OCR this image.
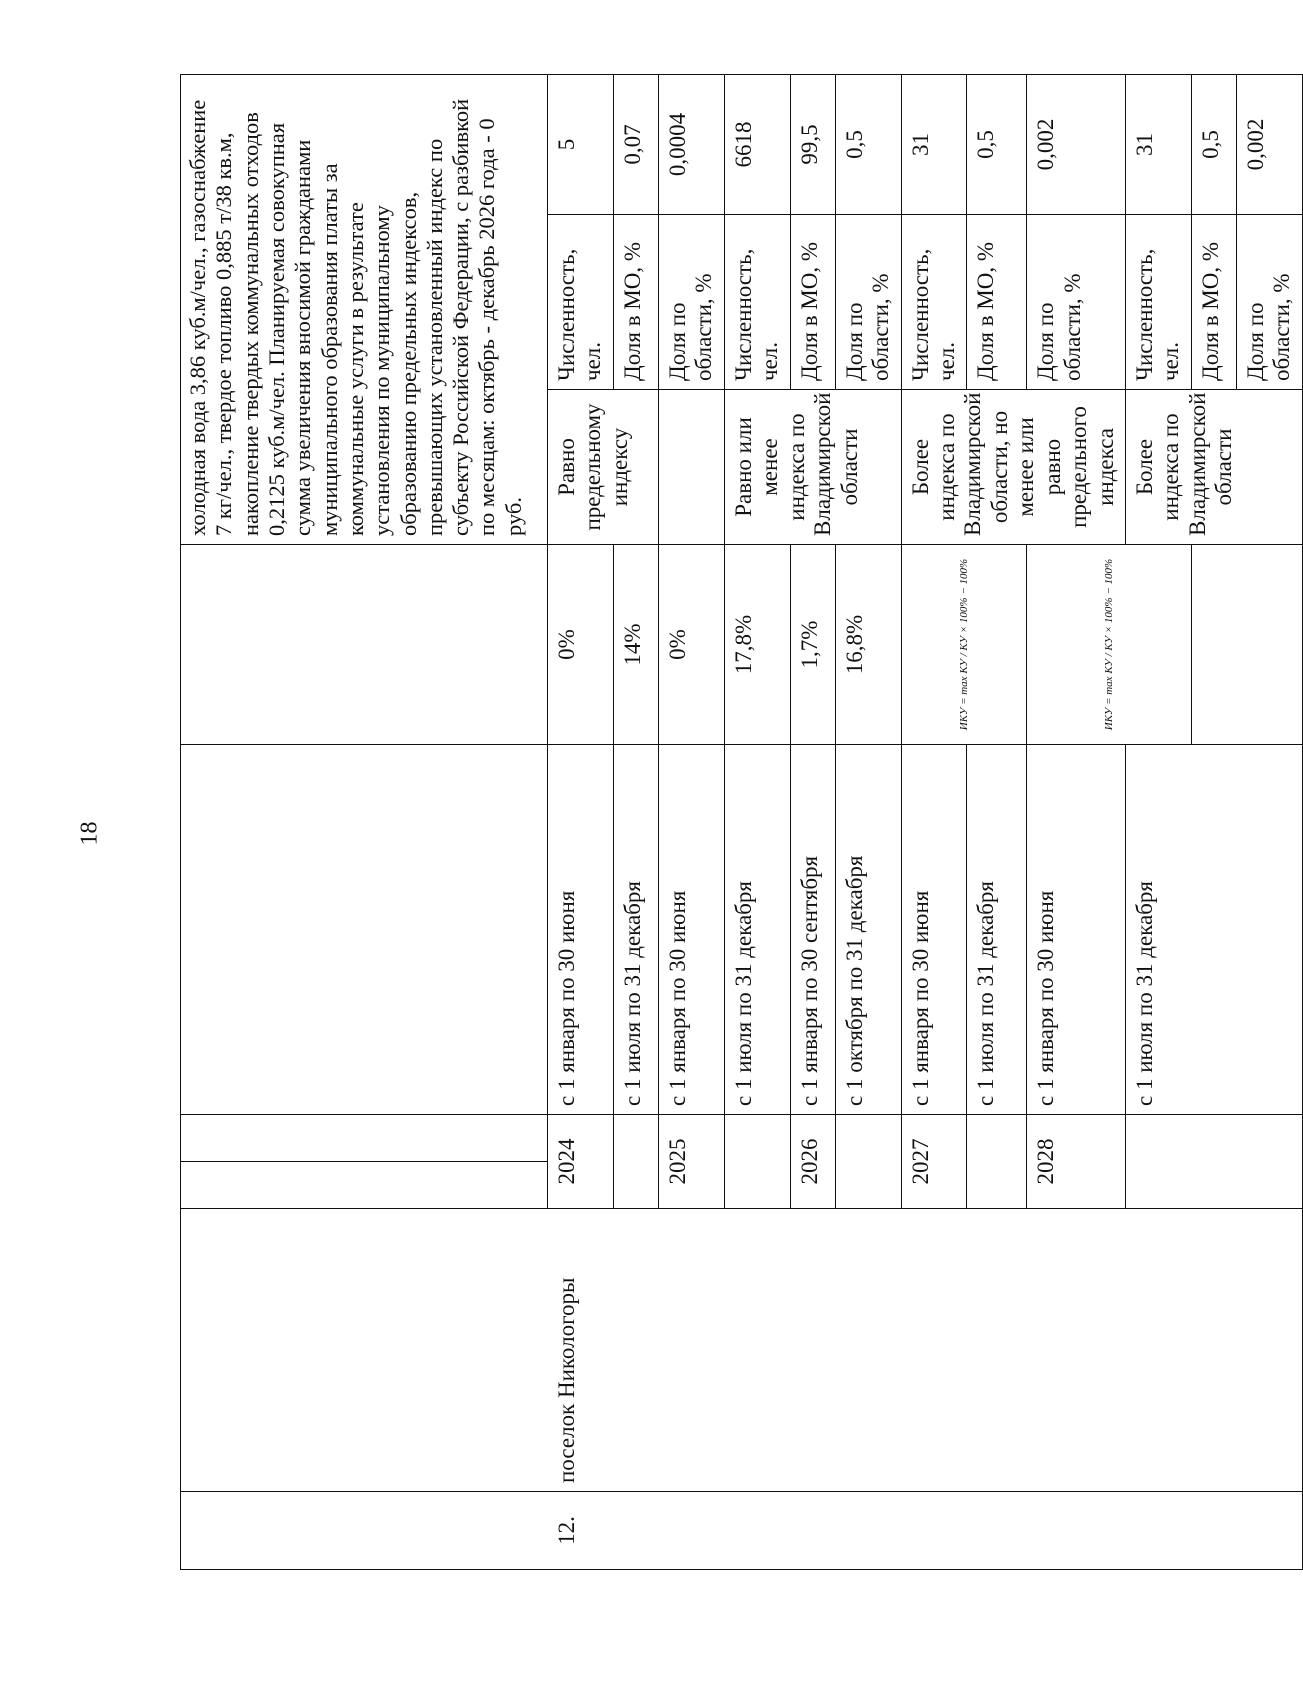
18
						холодная вода 3,86 куб.м/чел., газоснабжение 7 кг/чел., твердое топливо 0,885 т/38 кв.м, накопление твердых коммунальных отходов 0,2125 куб.м/чел. Планируемая совокупная сумма увеличения вносимой гражданами муниципального образования платы за коммунальные услуги в результате установления по муниципальному образованию предельных индексов, превышающих установленный индекс по субъекту Российской Федерации, с разбивкой по месяцам: октябрь - декабрь 2026 года - 0 руб.		
12.	поселок Никологоры	2024		с 1 января по 30 июня	0%	Равно предельному индексу	Численность, чел.	5
				с 1 июля по 31 декабря	14%		Доля в МО, %	0,07
		2025		с 1 января по 30 июня	0%		Доля по области, %	0,0004
				с 1 июля по 31 декабря	17,8%	Равно или менее индекса по Владимирской области	Численность, чел.	6618
		2026		с 1 января по 30 сентября	1,7%		Доля в МО, %	99,5
				с 1 октября по 31 декабря	16,8%		Доля по области, %	0,5
		2027		с 1 января по 30 июня	ИКУ = max КУ / КУ × 100% − 100%	Более индекса по Владимирской области, но менее или равно предельного индекса	Численность, чел.	31
				с 1 июля по 31 декабря			Доля в МО, %	0,5
		2028		с 1 января по 30 июня	ИКУ = max КУ / КУ × 100% − 100%		Доля по области, %	0,002
				с 1 июля по 31 декабря		Более индекса по Владимирской области	Численность, чел.	31
							Доля в МО, %	0,5
							Доля по области, %	0,002
